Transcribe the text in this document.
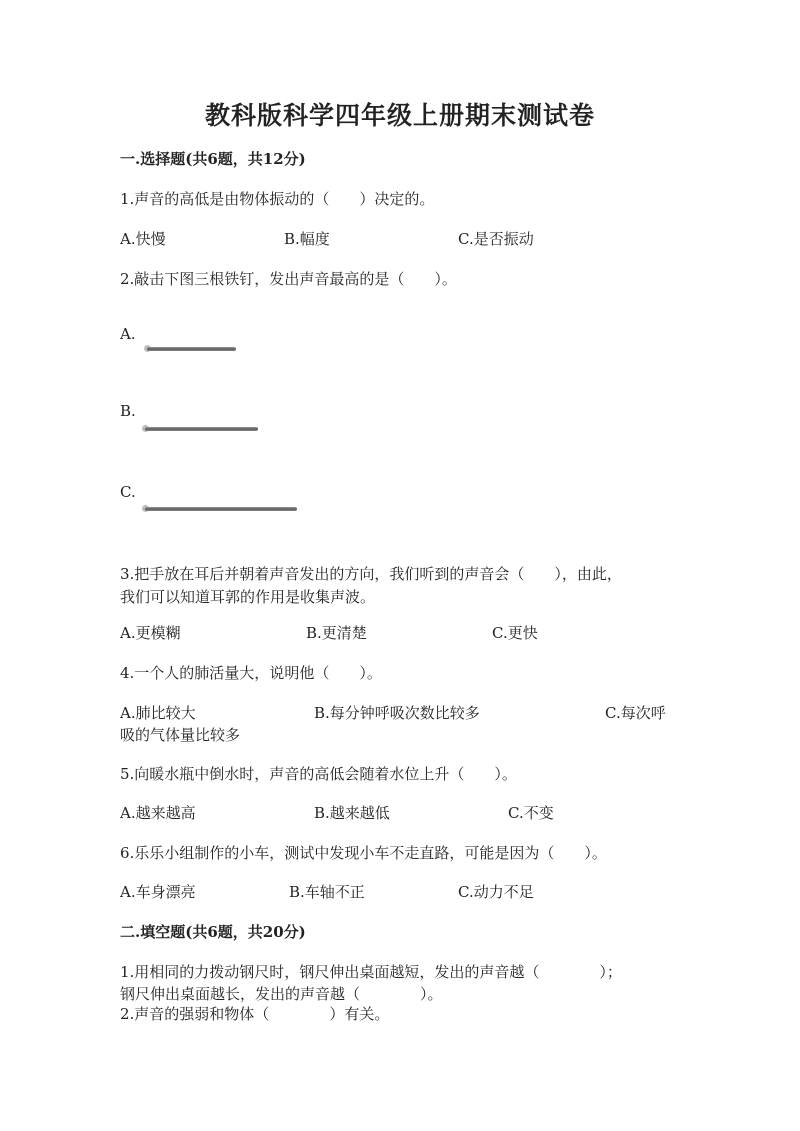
教科版科学四年级上册期末测试卷
一.选择题(共6题，共12分)
1.声音的高低是由物体振动的（　　）决定的。
A.快慢	B.幅度	C.是否振动
2.敲击下图三根铁钉，发出声音最高的是（　　）。
A.
B.
C.
3.把手放在耳后并朝着声音发出的方向，我们听到的声音会（　　），由此，
我们可以知道耳郭的作用是收集声波。
A.更模糊	B.更清楚	C.更快
4.一个人的肺活量大，说明他（　　）。
A.肺比较大	B.每分钟呼吸次数比较多	C.每次呼
吸的气体量比较多
5.向暖水瓶中倒水时，声音的高低会随着水位上升（　　）。
A.越来越高	B.越来越低	C.不变
6.乐乐小组制作的小车，测试中发现小车不走直路，可能是因为（　　）。
A.车身漂亮	B.车轴不正	C.动力不足
二.填空题(共6题，共20分)
1.用相同的力拨动钢尺时，钢尺伸出桌面越短，发出的声音越（　　　　）；
钢尺伸出桌面越长，发出的声音越（　　　　）。
2.声音的强弱和物体（　　　　）有关。
